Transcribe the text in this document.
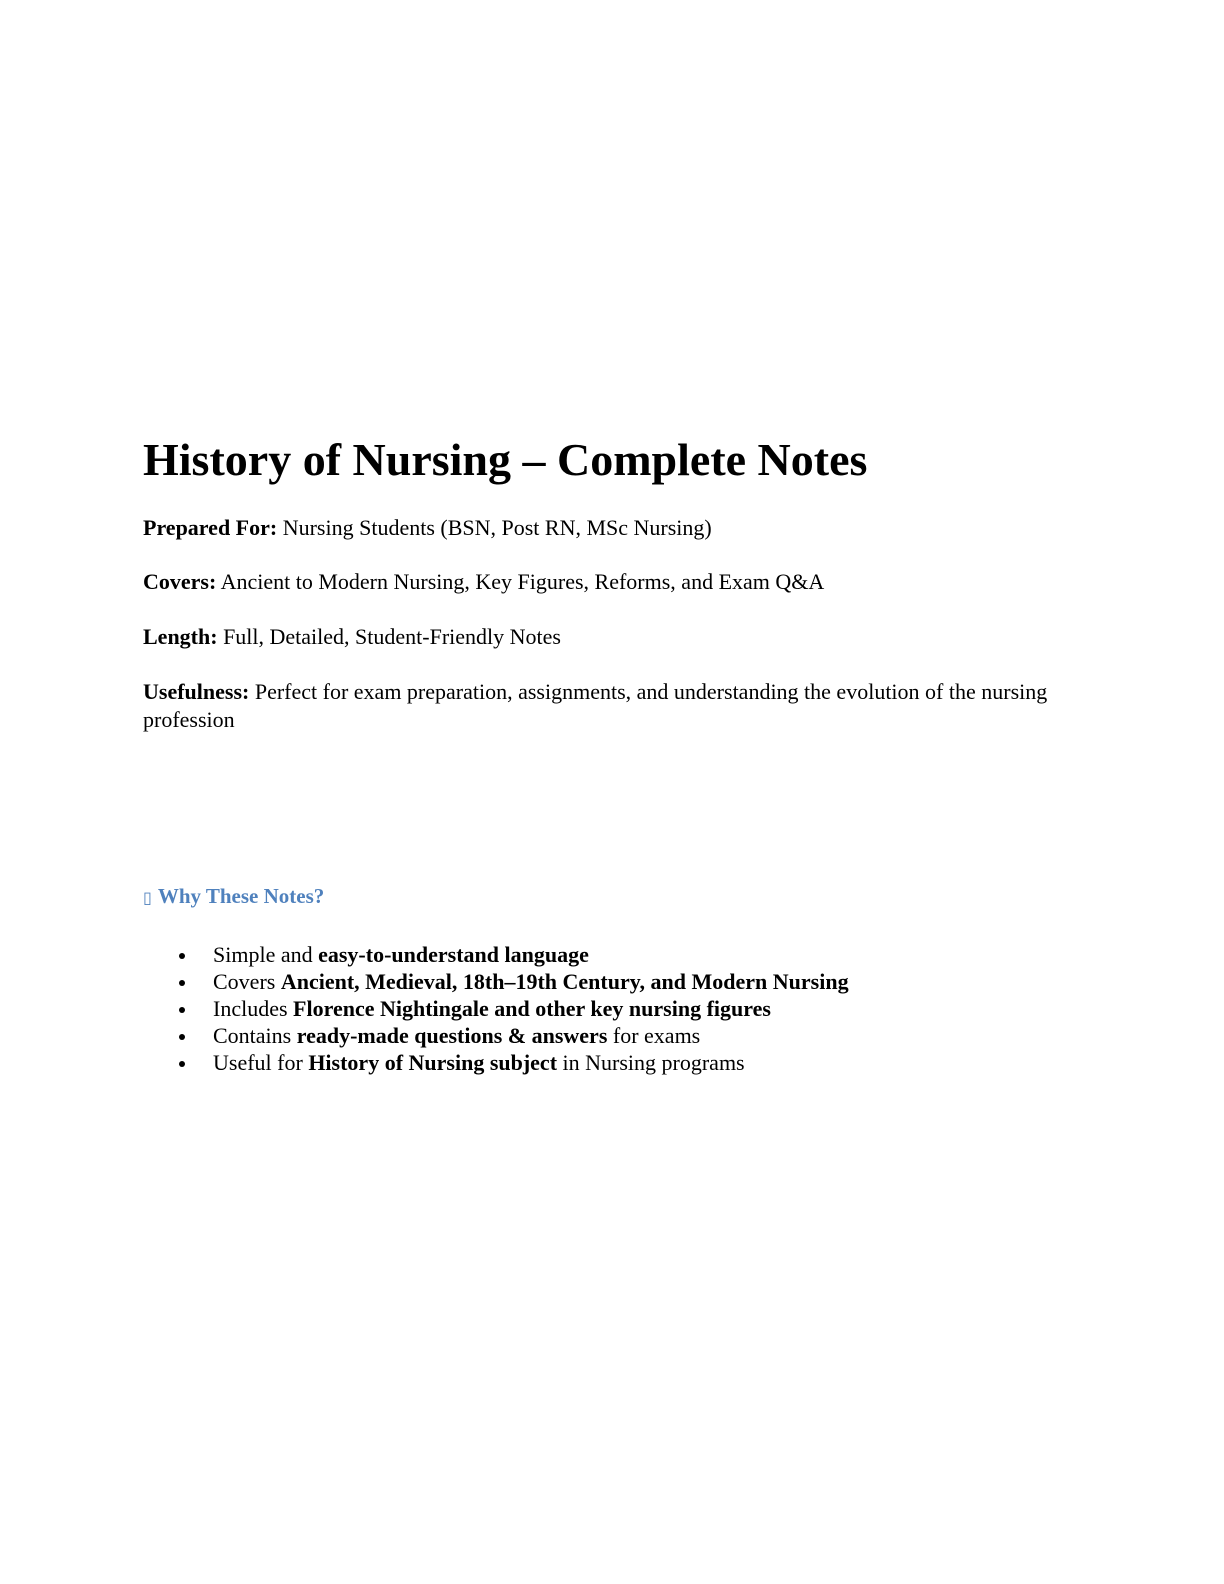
History of Nursing – Complete Notes

Prepared For: Nursing Students (BSN, Post RN, MSc Nursing)

Covers: Ancient to Modern Nursing, Key Figures, Reforms, and Exam Q&A

Length: Full, Detailed, Student-Friendly Notes

Usefulness: Perfect for exam preparation, assignments, and understanding the evolution of the nursing profession

▯ Why These Notes?
Simple and easy-to-understand language
Covers Ancient, Medieval, 18th–19th Century, and Modern Nursing
Includes Florence Nightingale and other key nursing figures
Contains ready-made questions & answers for exams
Useful for History of Nursing subject in Nursing programs
